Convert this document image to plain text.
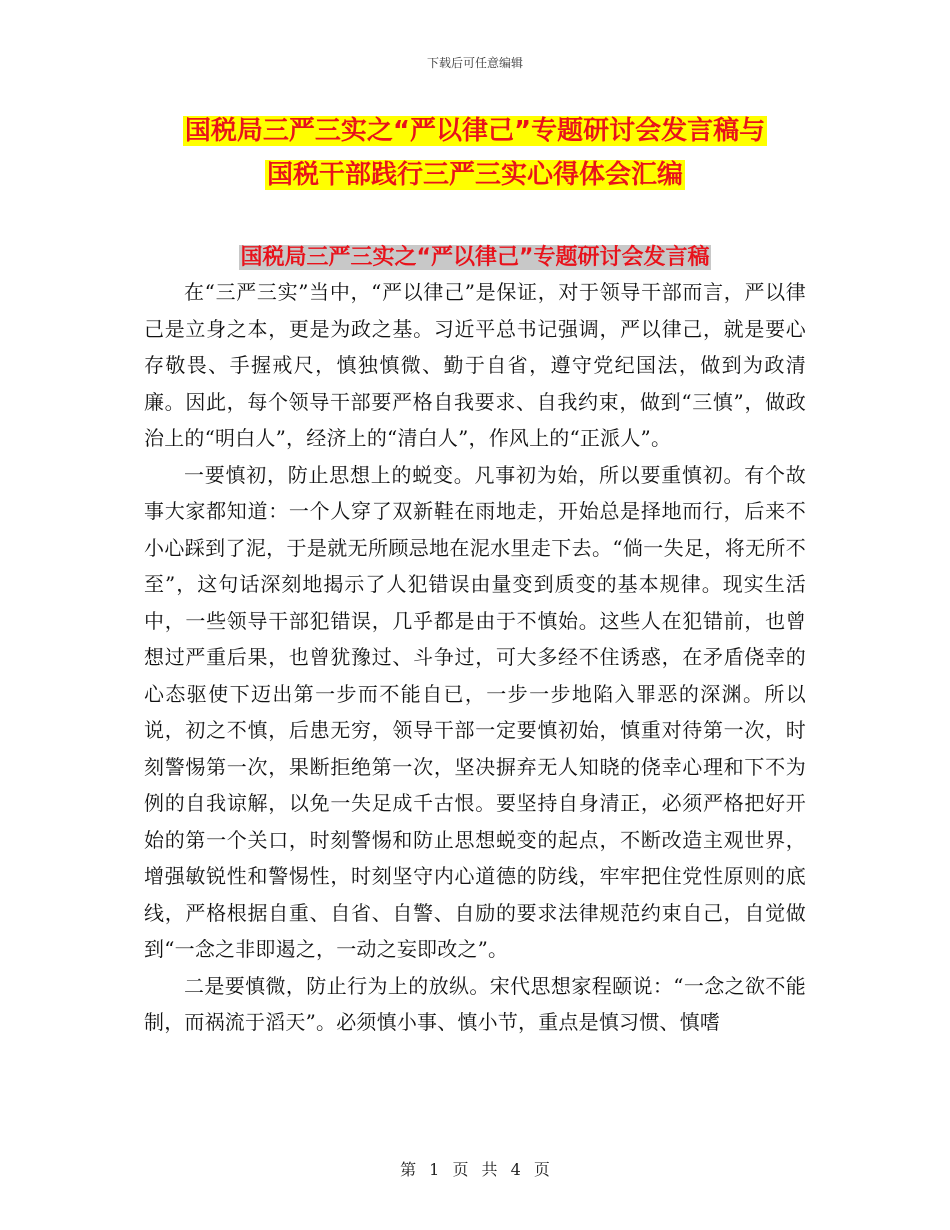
下载后可任意编辑
国税局三严三实之“严以律己”专题研讨会发言稿与
国税干部践行三严三实心得体会汇编
国税局三严三实之“严以律己”专题研讨会发言稿

在“三严三实”当中，“严以律己”是保证，对于领导干部而言，严以律己是立身之本，更是为政之基。习近平总书记强调，严以律己，就是要心存敬畏、手握戒尺，慎独慎微、勤于自省，遵守党纪国法，做到为政清廉。因此，每个领导干部要严格自我要求、自我约束，做到“三慎”，做政治上的“明白人”，经济上的“清白人”，作风上的“正派人”。

一要慎初，防止思想上的蜕变。凡事初为始，所以要重慎初。有个故事大家都知道：一个人穿了双新鞋在雨地走，开始总是择地而行，后来不小心踩到了泥，于是就无所顾忌地在泥水里走下去。“倘一失足，将无所不至”，这句话深刻地揭示了人犯错误由量变到质变的基本规律。现实生活中，一些领导干部犯错误，几乎都是由于不慎始。这些人在犯错前，也曾想过严重后果，也曾犹豫过、斗争过，可大多经不住诱惑，在矛盾侥幸的心态驱使下迈出第一步而不能自已，一步一步地陷入罪恶的深渊。所以说，初之不慎，后患无穷，领导干部一定要慎初始，慎重对待第一次，时刻警惕第一次，果断拒绝第一次，坚决摒弃无人知晓的侥幸心理和下不为例的自我谅解，以免一失足成千古恨。要坚持自身清正，必须严格把好开始的第一个关口，时刻警惕和防止思想蜕变的起点，不断改造主观世界，增强敏锐性和警惕性，时刻坚守内心道德的防线，牢牢把住党性原则的底线，严格根据自重、自省、自警、自励的要求法律规范约束自己，自觉做到“一念之非即遏之，一动之妄即改之”。

二是要慎微，防止行为上的放纵。宋代思想家程颐说：“一念之欲不能制，而祸流于滔天”。必须慎小事、慎小节，重点是慎习惯、慎嗜

第 1 页 共 4 页
